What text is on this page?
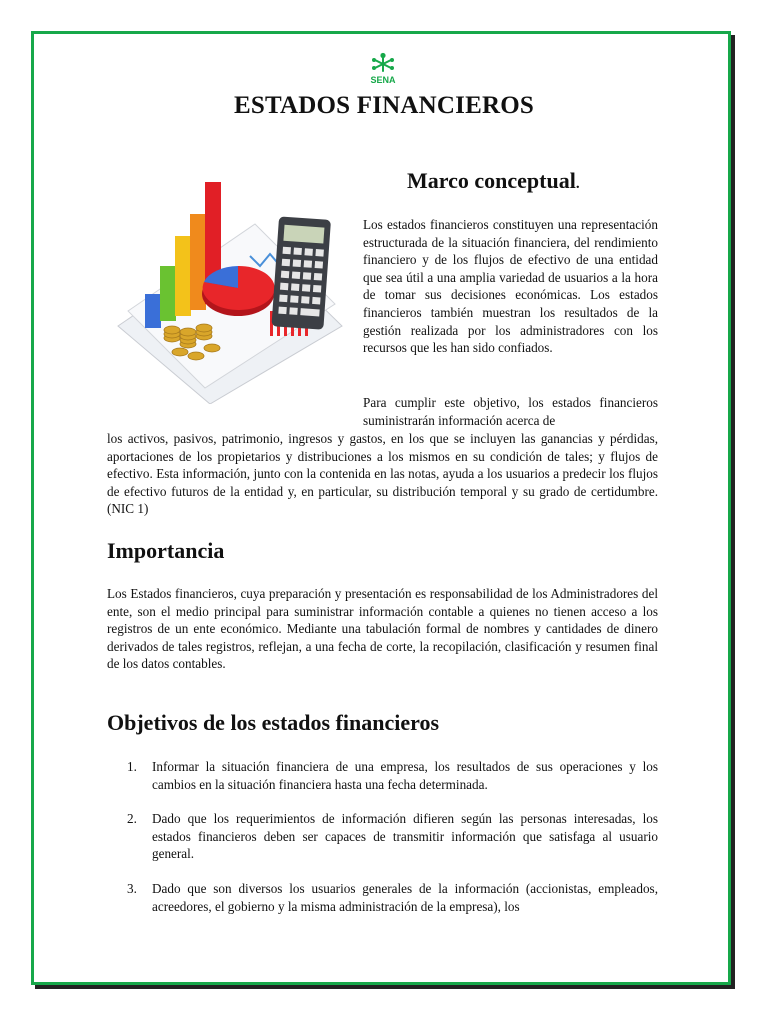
SENA
ESTADOS FINANCIEROS
Marco conceptual.

Los estados financieros constituyen una representación estructurada de la situación financiera, del rendimiento financiero y de los flujos de efectivo de una entidad que sea útil a una amplia variedad de usuarios a la hora de tomar sus decisiones económicas. Los estados financieros también muestran los resultados de la gestión realizada por los administradores con los recursos que les han sido confiados.

Para cumplir este objetivo, los estados financieros suministrarán información acerca de

los activos, pasivos, patrimonio, ingresos y gastos, en los que se incluyen las ganancias y pérdidas, aportaciones de los propietarios y distribuciones a los mismos en su condición de tales; y flujos de efectivo. Esta información, junto con la contenida en las notas, ayuda a los usuarios a predecir los flujos de efectivo futuros de la entidad y, en particular, su distribución temporal y su grado de certidumbre. (NIC 1)

Importancia

Los Estados financieros, cuya preparación y presentación es responsabilidad de los Administradores del ente, son el medio principal para suministrar información contable a quienes no tienen acceso a los registros de un ente económico. Mediante una tabulación formal de nombres y cantidades de dinero derivados de tales registros, reflejan, a una fecha de corte, la recopilación, clasificación y resumen final de los datos contables.

Objetivos de los estados financieros
1. Informar la situación financiera de una empresa, los resultados de sus operaciones y los cambios en la situación financiera hasta una fecha determinada.
2. Dado que los requerimientos de información difieren según las personas interesadas, los estados financieros deben ser capaces de transmitir información que satisfaga al usuario general.
3. Dado que son diversos los usuarios generales de la información (accionistas, empleados, acreedores, el gobierno y la misma administración de la empresa), los
